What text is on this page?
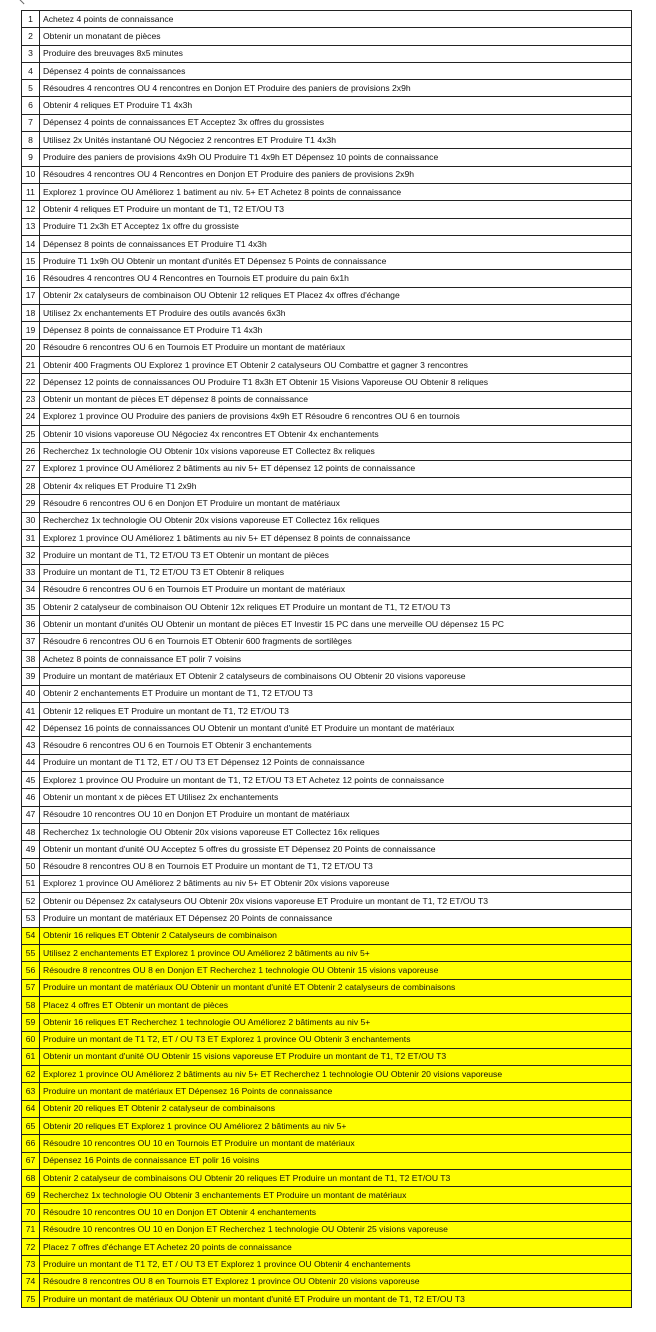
1	Achetez 4 points de connaissance
2	Obtenir un monatant de pièces
3	Produire des breuvages 8x5 minutes
4	Dépensez 4 points de connaissances
5	Résoudres 4 rencontres OU 4 rencontres en Donjon ET Produire des paniers de provisions 2x9h
6	Obtenir 4 reliques ET Produire T1 4x3h
7	Dépensez 4 points de connaissances ET Acceptez 3x offres du grossistes
8	Utilisez 2x Unités instantané OU Négociez 2 rencontres ET Produire T1 4x3h
9	Produire des paniers de provisions 4x9h OU Produire T1 4x9h ET Dépensez 10 points de connaissance
10	Résoudres 4 rencontres OU 4 Rencontres en Donjon ET Produire des paniers de provisions 2x9h
11	Explorez 1 province OU Améliorez 1 batiment au niv. 5+ ET Achetez 8 points de connaissance
12	Obtenir 4 reliques ET Produire un montant de T1, T2 ET/OU T3
13	Produire T1 2x3h ET Acceptez 1x offre du grossiste
14	Dépensez 8 points de connaissances ET Produire T1 4x3h
15	Produire T1 1x9h OU Obtenir un montant d'unités ET Dépensez 5 Points de connaissance
16	Résoudres 4 rencontres OU 4 Rencontres en Tournois ET produire du pain 6x1h
17	Obtenir 2x catalyseurs de combinaison OU Obtenir 12 reliques ET Placez 4x offres d'échange
18	Utilisez 2x enchantements ET Produire des outils avancés 6x3h
19	Dépensez 8 points de connaissance ET Produire T1 4x3h
20	Résoudre 6 rencontres OU 6 en Tournois ET Produire un montant de matériaux
21	Obtenir 400 Fragments OU Explorez 1 province ET Obtenir 2 catalyseurs OU Combattre et gagner 3 rencontres
22	Dépensez 12 points de connaissances OU Produire T1 8x3h ET Obtenir 15 Visions Vaporeuse OU Obtenir 8 reliques
23	Obtenir un montant de pièces ET dépensez 8 points de connaissance
24	Explorez 1 province OU Produire des paniers de provisions 4x9h ET Résoudre 6 rencontres OU 6 en tournois
25	Obtenir 10 visions vaporeuse OU Négociez 4x rencontres ET Obtenir 4x enchantements
26	Recherchez 1x technologie OU Obtenir 10x visions vaporeuse ET Collectez 8x reliques
27	Explorez 1 province OU Améliorez 2 bâtiments au niv 5+ ET dépensez 12 points de connaissance
28	Obtenir 4x reliques ET Produire T1 2x9h
29	Résoudre 6 rencontres OU 6 en Donjon ET Produire un montant de matériaux
30	Recherchez 1x technologie OU Obtenir 20x visions vaporeuse ET Collectez 16x reliques
31	Explorez 1 province OU Améliorez 1 bâtiments au niv 5+ ET dépensez 8 points de connaissance
32	Produire un montant de T1, T2 ET/OU T3 ET Obtenir un montant de pièces
33	Produire un montant de T1, T2 ET/OU T3 ET Obtenir 8 reliques
34	Résoudre 6 rencontres OU 6 en Tournois ET Produire un montant de matériaux
35	Obtenir 2 catalyseur de combinaison OU Obtenir 12x reliques ET Produire un montant de T1, T2 ET/OU T3
36	Obtenir un montant d'unités OU Obtenir un montant de pièces ET Investir 15 PC dans une merveille OU dépensez 15 PC
37	Résoudre 6 rencontres OU 6 en Tournois ET Obtenir 600 fragments de sortilèges
38	Achetez 8 points de connaissance ET polir 7 voisins
39	Produire un montant de matériaux ET Obtenir 2 catalyseurs de combinaisons OU Obtenir 20 visions vaporeuse
40	Obtenir 2 enchantements ET Produire un montant de T1, T2 ET/OU T3
41	Obtenir 12 reliques ET Produire un montant de T1, T2 ET/OU T3
42	Dépensez 16 points de connaissances OU Obtenir un montant d'unité ET Produire un montant de matériaux
43	Résoudre 6 rencontres OU 6 en Tournois ET Obtenir 3 enchantements
44	Produire un montant de T1 T2, ET / OU T3 ET Dépensez 12 Points de connaissance
45	Explorez 1 province OU Produire un montant de T1, T2 ET/OU T3 ET Achetez 12 points de connaissance
46	Obtenir un montant x de pièces ET Utilisez 2x enchantements
47	Résoudre 10 rencontres OU 10 en Donjon ET Produire un montant de matériaux
48	Recherchez 1x technologie OU Obtenir 20x visions vaporeuse ET Collectez 16x reliques
49	Obtenir un montant d'unité OU Acceptez 5 offres du grossiste ET Dépensez 20 Points de connaissance
50	Résoudre 8 rencontres OU 8 en Tournois ET Produire un montant de T1, T2 ET/OU T3
51	Explorez 1 province OU Améliorez 2 bâtiments au niv 5+ ET Obtenir 20x visions vaporeuse
52	Obtenir ou Dépensez 2x catalyseurs OU Obtenir 20x visions vaporeuse ET Produire un montant de T1, T2 ET/OU T3
53	Produire un montant de matériaux ET Dépensez 20 Points de connaissance
54	Obtenir 16 reliques ET Obtenir 2 Catalyseurs de combinaison
55	Utilisez 2 enchantements ET Explorez 1 province OU Améliorez 2 bâtiments au niv 5+
56	Résoudre 8 rencontres OU 8 en Donjon ET Recherchez 1 technologie OU Obtenir 15 visions vaporeuse
57	Produire un montant de matériaux OU Obtenir un montant d'unité ET Obtenir 2 catalyseurs de combinaisons
58	Placez 4 offres ET Obtenir un montant de pièces
59	Obtenir 16 reliques ET Recherchez 1 technologie OU Améliorez 2 bâtiments au niv 5+
60	Produire un montant de T1 T2, ET / OU T3 ET Explorez 1 province OU Obtenir 3 enchantements
61	Obtenir un montant d'unité OU Obtenir 15 visions vaporeuse ET Produire un montant de T1, T2 ET/OU T3
62	Explorez 1 province OU Améliorez 2 bâtiments au niv 5+ ET Recherchez 1 technologie OU Obtenir 20 visions vaporeuse
63	Produire un montant de matériaux ET Dépensez 16 Points de connaissance
64	Obtenir 20 reliques ET Obtenir 2 catalyseur de combinaisons
65	Obtenir 20 reliques ET Explorez 1 province OU Améliorez 2 bâtiments au niv 5+
66	Résoudre 10 rencontres OU 10 en Tournois ET Produire un montant de matériaux
67	Dépensez 16 Points de connaissance ET polir 16 voisins
68	Obtenir 2 catalyseur de combinaisons OU Obtenir 20 reliques ET Produire un montant de T1, T2 ET/OU T3
69	Recherchez 1x technologie OU Obtenir 3 enchantements ET Produire un montant de matériaux
70	Résoudre 10 rencontres OU 10 en Donjon ET Obtenir 4 enchantements
71	Résoudre 10 rencontres OU 10 en Donjon ET Recherchez 1 technologie OU Obtenir 25 visions vaporeuse
72	Placez 7 offres d'échange ET Achetez 20 points de connaissance
73	Produire un montant de T1 T2, ET / OU T3 ET Explorez 1 province OU Obtenir 4 enchantements
74	Résoudre 8 rencontres OU 8 en Tournois ET Explorez 1 province OU Obtenir 20 visions vaporeuse
75	Produire un montant de matériaux OU Obtenir un montant d'unité ET Produire un montant de T1, T2 ET/OU T3
